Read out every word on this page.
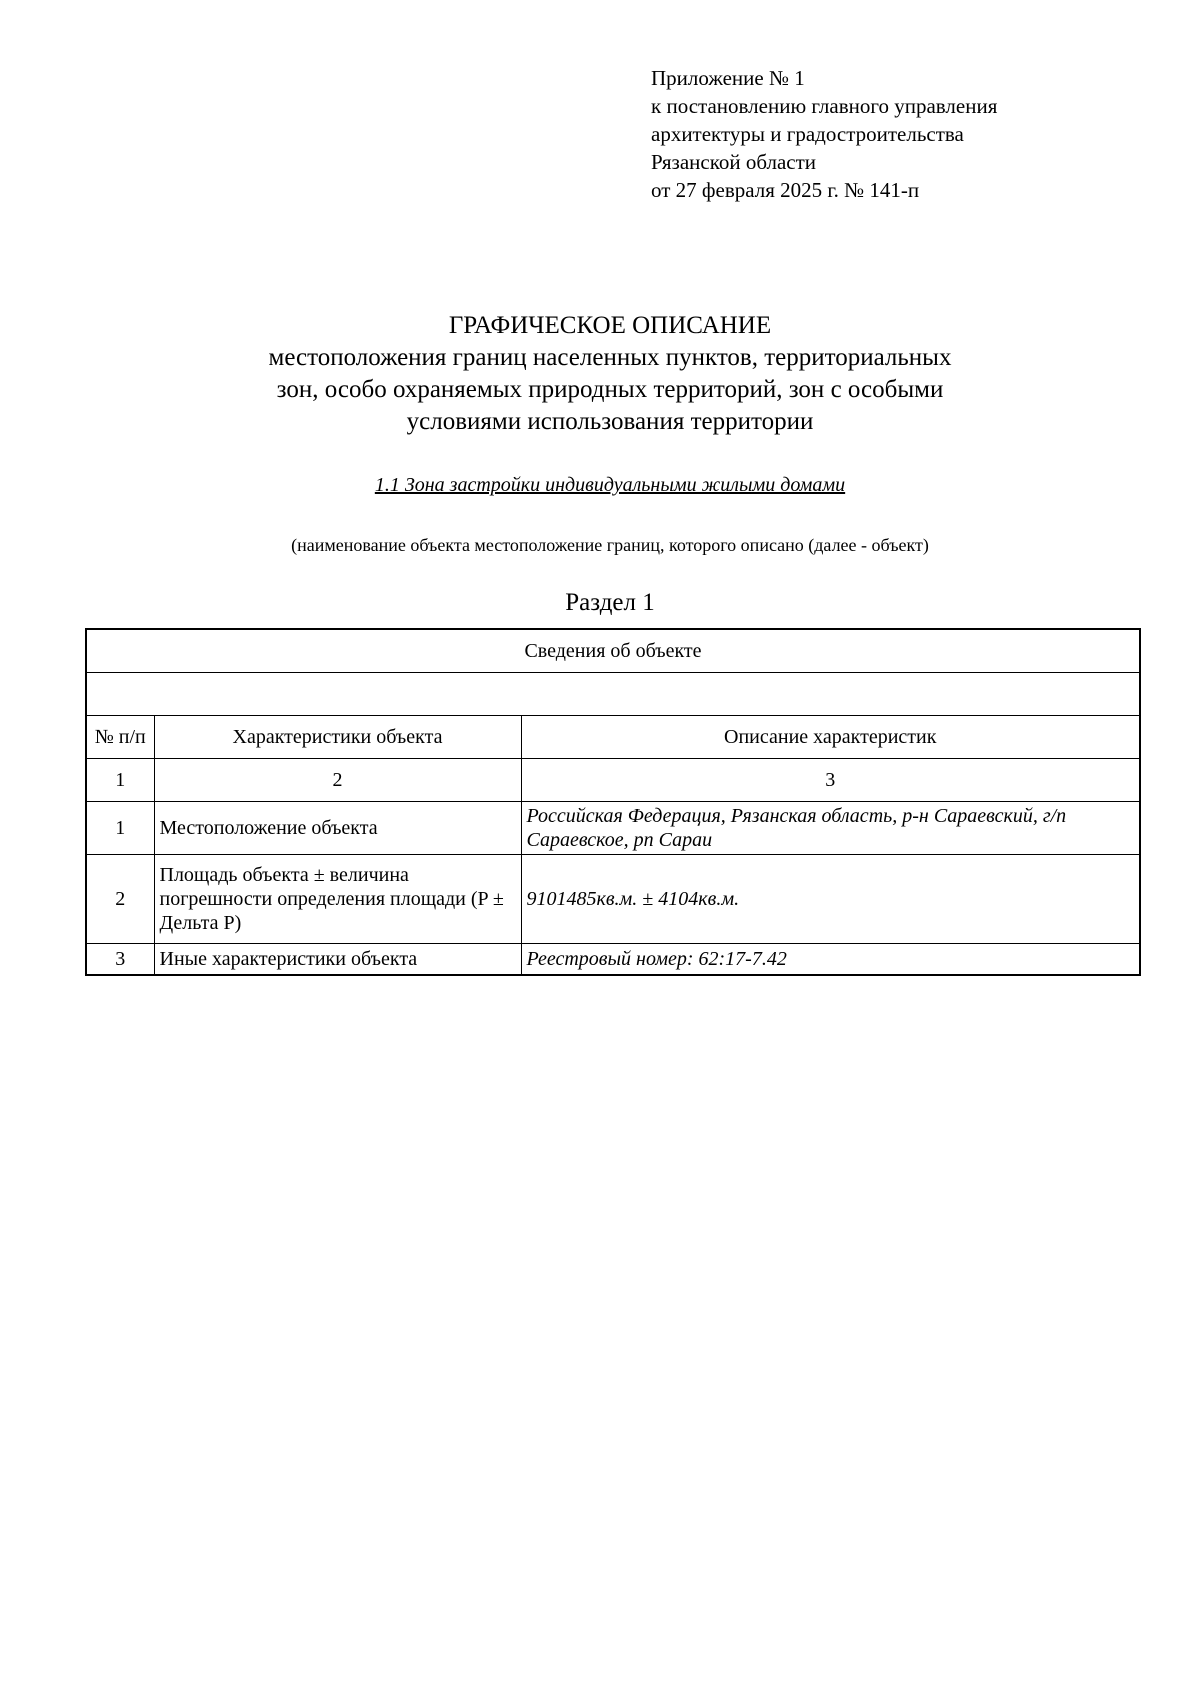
Приложение № 1
к постановлению главного управления
архитектуры и градостроительства
Рязанской области
от 27 февраля 2025 г. № 141-п
ГРАФИЧЕСКОЕ ОПИСАНИЕ
местоположения границ населенных пунктов, территориальных
зон, особо охраняемых природных территорий, зон с особыми
условиями использования территории
1.1 Зона застройки индивидуальными жилыми домами
(наименование объекта местоположение границ, которого описано (далее - объект)
Раздел 1
Сведения об объекте		

№ п/п	Характеристики объекта	Описание характеристик
1	2	3
1	Местоположение объекта	Российская Федерация, Рязанская область, р-н Сараевский, г/п Сараевское, рп Сараи
2	Площадь объекта ± величина погрешности определения площади (P ± Дельта P)	9101485кв.м. ± 4104кв.м.
3	Иные характеристики объекта	Реестровый номер: 62:17-7.42
